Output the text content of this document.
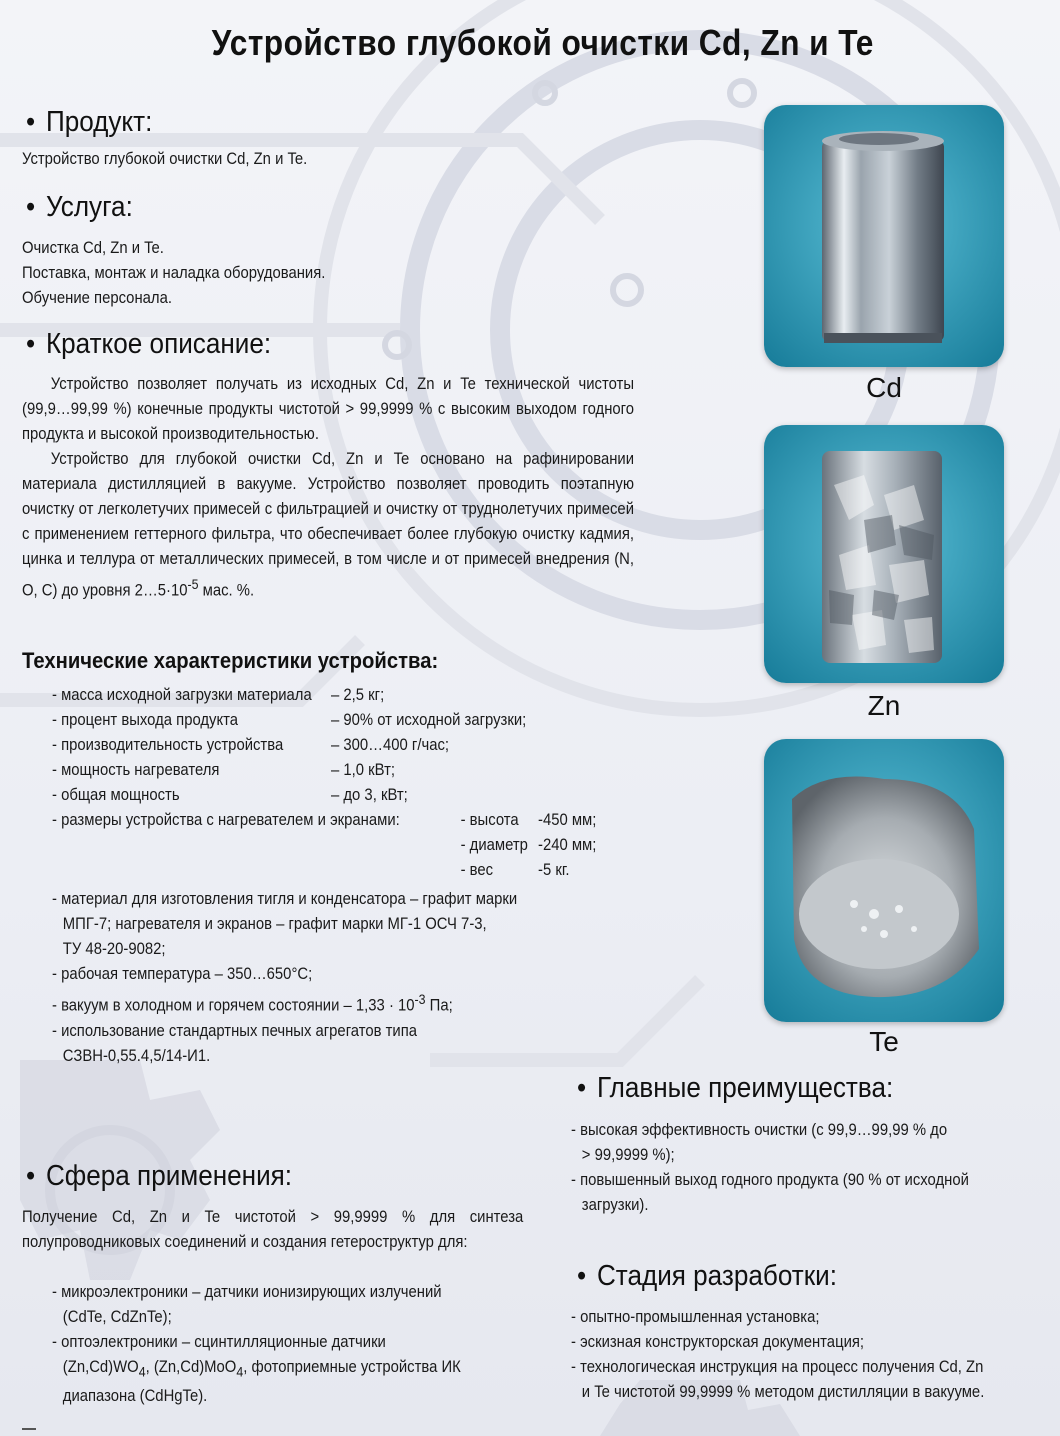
Устройство глубокой очистки Cd, Zn и Te
• Продукт:
Устройство глубокой очистки Cd, Zn и Te.
• Услуга:
Очистка Cd, Zn и Te.
Поставка, монтаж и наладка оборудования.
Обучение персонала.
• Краткое описание:

Устройство позволяет получать из исходных Cd, Zn и Te технической чистоты (99,9…99,99 %) конечные продукты чистотой > 99,9999 % с высоким выходом годного продукта и высокой производительностью.

Устройство для глубокой очистки Cd, Zn и Te основано на рафинировании материала дистилляцией в вакууме. Устройство позволяет проводить поэтапную очистку от легколетучих примесей с фильтрацией и очистку от труднолетучих примесей с применением геттерного фильтра, что обеспечивает более глубокую очистку кадмия, цинка и теллура от металлических примесей, в том числе и от примесей внедрения (N, O, C) до уровня $2\dots 5\cdot 10^{-5}$ мас. %.

Технические характеристики устройства:
- масса исходной загрузки материала	– 2,5 кг;
- процент выхода продукта	– 90% от исходной загрузки;
- производительность устройства	– 300…400 г/час;
- мощность нагревателя	– 1,0 кВт;
- общая мощность	– до 3, кВт;
- размеры устройства с нагревателем и экранами:	- высота	-450 мм;
- диаметр -240 мм;
- вес	-5 кг.
- материал для изготовления тигля и конденсатора – графит марки
МПГ-7; нагревателя и экранов – графит марки МГ-1 ОСЧ 7-3,
ТУ 48-20-9082;
- рабочая температура – 350…650°C;
- вакуум в холодном и горячем состоянии – $1,33 \cdot 10^{-3}$ Па;
- использование стандартных печных агрегатов типа
СЗВН-0,55.4,5/14-И1.
Cd
Zn
Te
• Главные преимущества:
- высокая эффективность очистки (с 99,9…99,99 % до
> 99,9999 %);
- повышенный выход годного продукта (90 % от исходной
загрузки).
• Сфера применения:
Получение Cd, Zn и Te чистотой > 99,9999 % для синтеза полупроводниковых соединений и создания гетероструктур для:
- микроэлектроники – датчики ионизирующих излучений
(CdTe, CdZnTe);
- оптоэлектроники – сцинтилляционные датчики
$(Zn,Cd)WO_4$, (Zn,Cd)MoO$_4$, фотоприемные устройства ИК
диапазона (CdHgTe).
• Стадия разработки:
- опытно-промышленная установка;
- эскизная конструкторская документация;
- технологическая инструкция на процесс получения Cd, Zn
и Te чистотой 99,9999 % методом дистилляции в вакууме.
